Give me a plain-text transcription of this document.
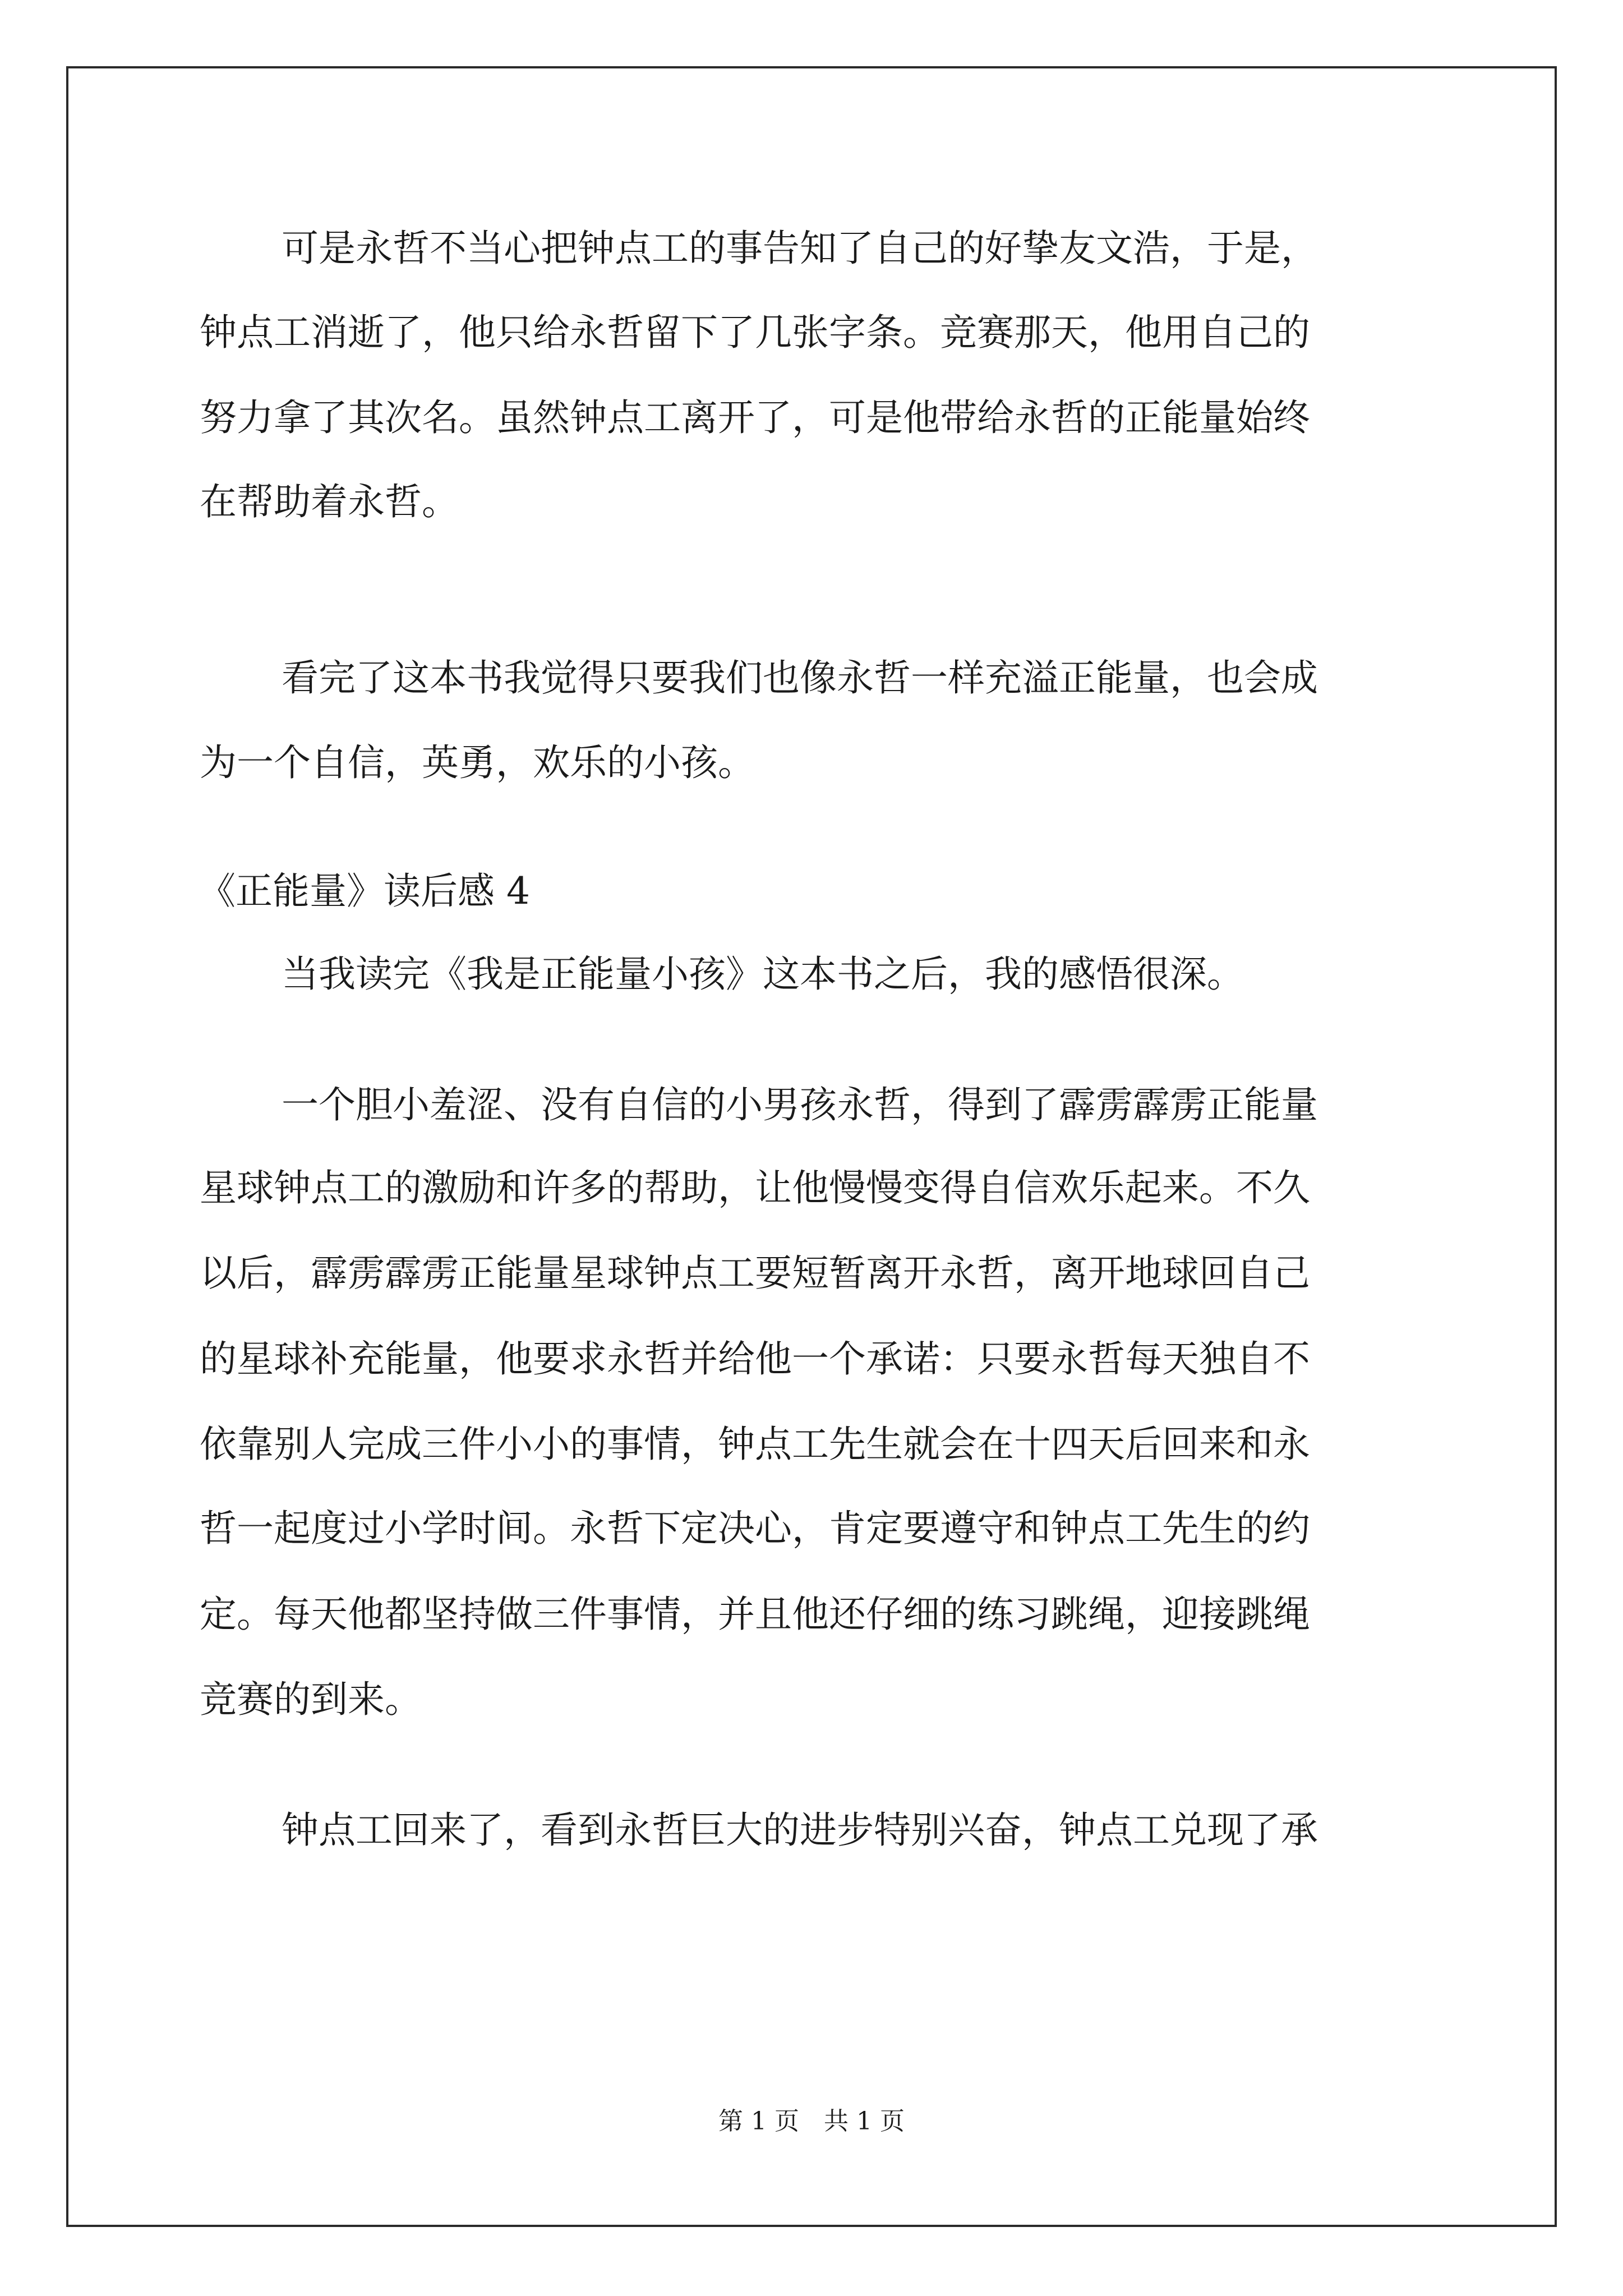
可是永哲不当心把钟点工的事告知了自己的好挚友文浩，于是，

钟点工消逝了，他只给永哲留下了几张字条。竞赛那天，他用自己的

努力拿了其次名。虽然钟点工离开了，可是他带给永哲的正能量始终

在帮助着永哲。

看完了这本书我觉得只要我们也像永哲一样充溢正能量，也会成

为一个自信，英勇，欢乐的小孩。

《正能量》读后感 4

当我读完《我是正能量小孩》这本书之后，我的感悟很深。

一个胆小羞涩、没有自信的小男孩永哲，得到了霹雳霹雳正能量

星球钟点工的激励和许多的帮助，让他慢慢变得自信欢乐起来。不久

以后，霹雳霹雳正能量星球钟点工要短暂离开永哲，离开地球回自己

的星球补充能量，他要求永哲并给他一个承诺：只要永哲每天独自不

依靠别人完成三件小小的事情，钟点工先生就会在十四天后回来和永

哲一起度过小学时间。永哲下定决心，肯定要遵守和钟点工先生的约

定。每天他都坚持做三件事情，并且他还仔细的练习跳绳，迎接跳绳

竞赛的到来。

钟点工回来了，看到永哲巨大的进步特别兴奋，钟点工兑现了承

第 1 页　共 1 页
